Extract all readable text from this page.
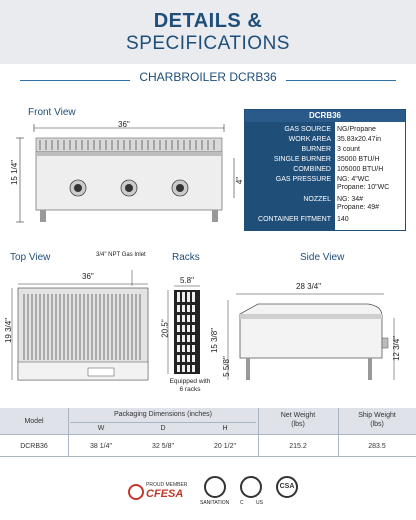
DETAILS &
SPECIFICATIONS
CHARBROILER DCRB36
Front View
36"
15 1/4"	4"
DCRB36
GAS SOURCE NG/Propane
WORK AREA 35.83x20.47in
BURNER 3 count
SINGLE BURNER 35000 BTU/H
COMBINED 105000 BTU/H
GAS PRESSURE NG: 4"WC
Propane: 10"WC
NOZZEL NG: 34#
Propane: 49#
CONTAINER FITMENT 140
Top View	3/4" NPT Gas Inlet
36"
19 3/4"
Racks
5.8"
20.5"
Equipped with
6 racks
Side View
28 3/4"
15 3/8"
5 5/8"
12 3/4"
Model
Packaging Dimensions (inches)
W	D	H
Net Weight
(lbs)
Ship Weight
(lbs)
DCRB36	38 1/4"	32 5/8"	20 1/2"	215.2	283.5
PROUD MEMBER
CFESA
SANITATION C US
CSA
